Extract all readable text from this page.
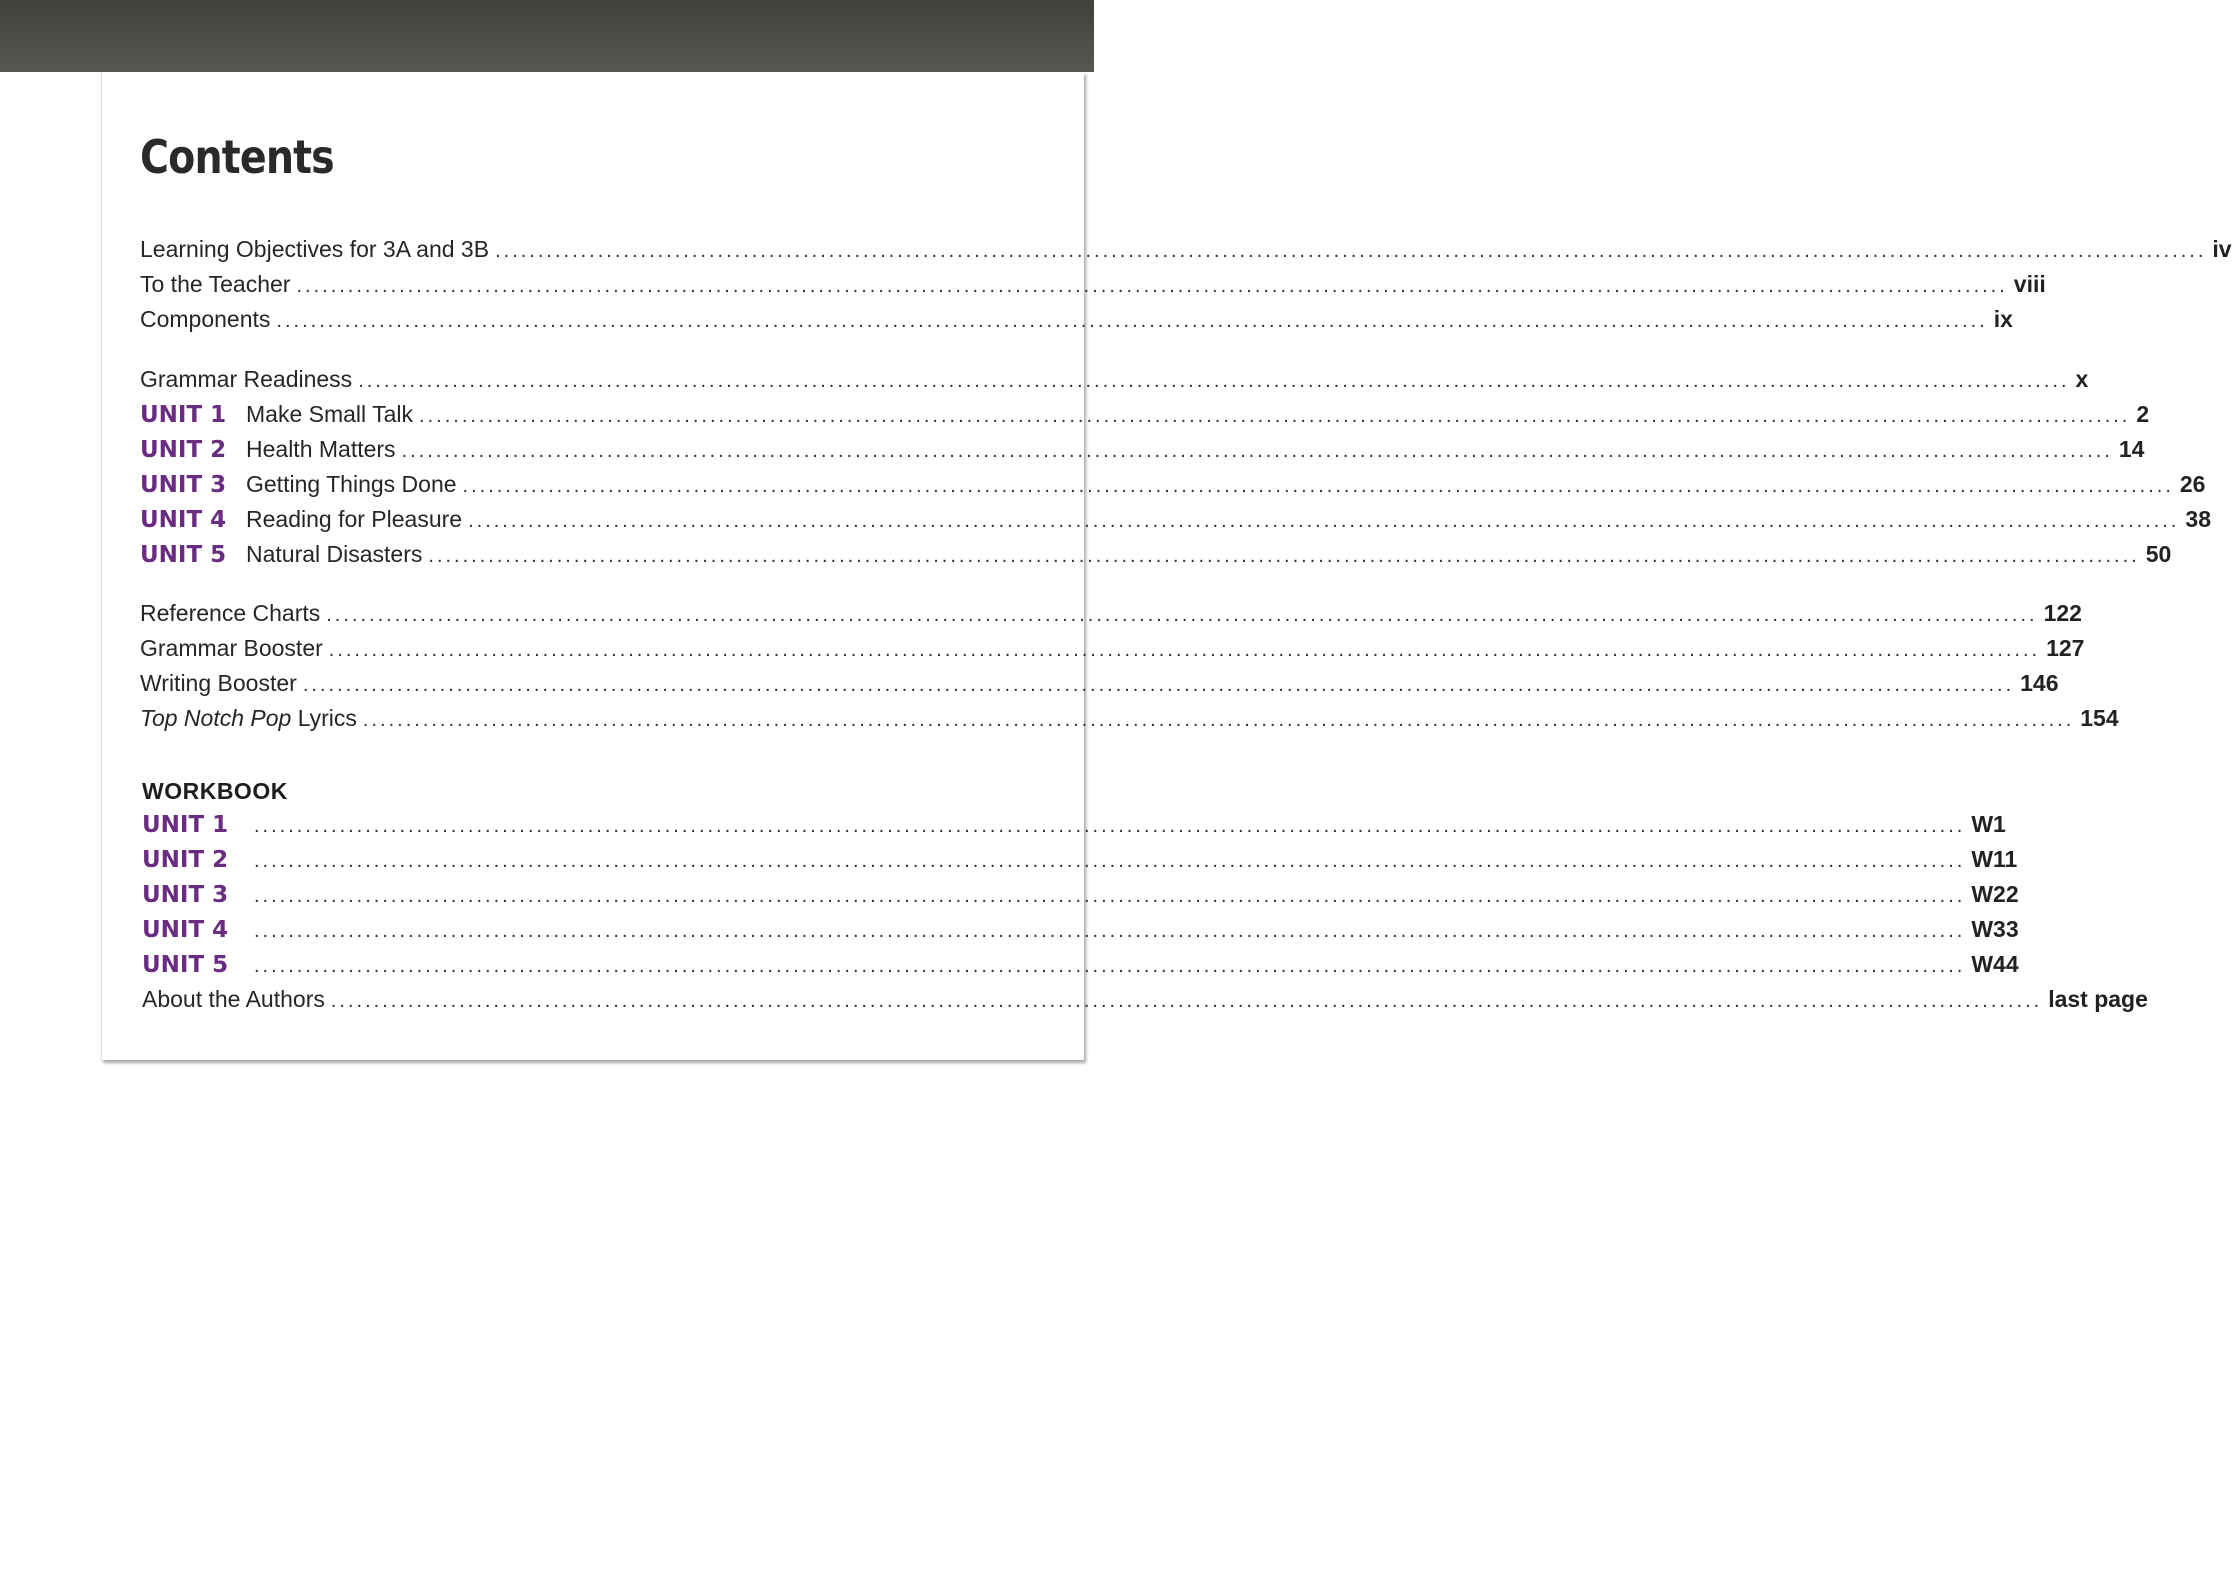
Contents
Learning Objectives for 3A and 3B ........................................................................................................................................................................................................ iv
To the Teacher ........................................................................................................................................................................................................ viii
Components ........................................................................................................................................................................................................ ix
Grammar Readiness ........................................................................................................................................................................................................ x
UNIT 1 Make Small Talk ........................................................................................................................................................................................................ 2
UNIT 2 Health Matters ........................................................................................................................................................................................................ 14
UNIT 3 Getting Things Done ........................................................................................................................................................................................................ 26
UNIT 4 Reading for Pleasure ........................................................................................................................................................................................................ 38
UNIT 5 Natural Disasters ........................................................................................................................................................................................................ 50
Reference Charts ........................................................................................................................................................................................................ 122
Grammar Booster ........................................................................................................................................................................................................ 127
Writing Booster ........................................................................................................................................................................................................ 146
Top Notch Pop Lyrics ........................................................................................................................................................................................................ 154
WORKBOOK
UNIT 1	........................................................................................................................................................................................................ W1
UNIT 2	........................................................................................................................................................................................................ W11
UNIT 3	........................................................................................................................................................................................................ W22
UNIT 4	........................................................................................................................................................................................................ W33
UNIT 5	........................................................................................................................................................................................................ W44
About the Authors ........................................................................................................................................................................................................ last page
